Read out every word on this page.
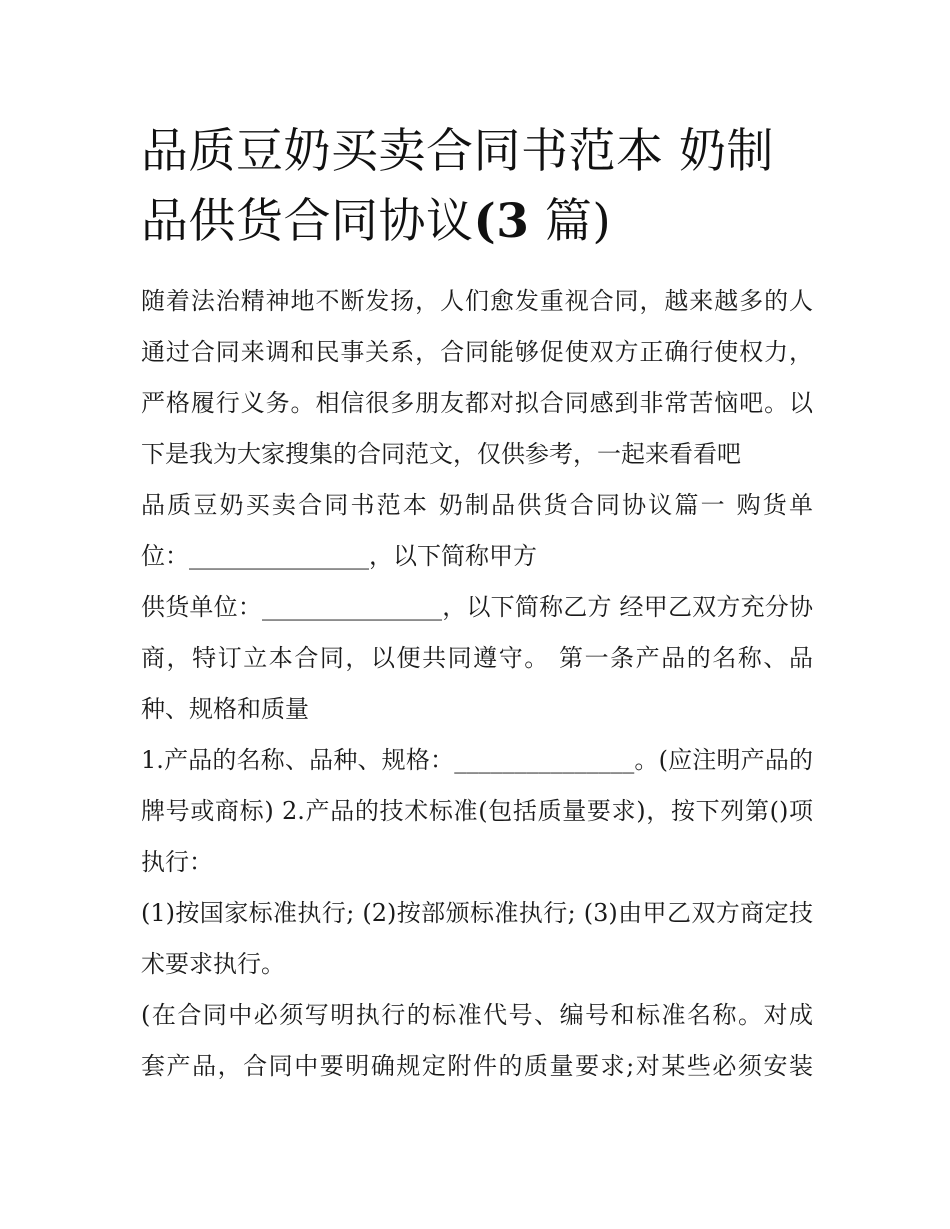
品质豆奶买卖合同书范本 奶制
品供货合同协议(3 篇)
随着法治精神地不断发扬，人们愈发重视合同，越来越多的人
通过合同来调和民事关系，合同能够促使双方正确行使权力，
严格履行义务。相信很多朋友都对拟合同感到非常苦恼吧。以
下是我为大家搜集的合同范文，仅供参考，一起来看看吧
品质豆奶买卖合同书范本 奶制品供货合同协议篇一 购货单
位：_______________，以下简称甲方
供货单位：_______________，以下简称乙方 经甲乙双方充分协
商，特订立本合同，以便共同遵守。 第一条产品的名称、品
种、规格和质量
1.产品的名称、品种、规格：_______________。(应注明产品的
牌号或商标) 2.产品的技术标准(包括质量要求)，按下列第()项
执行：
(1)按国家标准执行; (2)按部颁标准执行; (3)由甲乙双方商定技
术要求执行。
(在合同中必须写明执行的标准代号、编号和标准名称。对成
套产品，合同中要明确规定附件的质量要求;对某些必须安装
